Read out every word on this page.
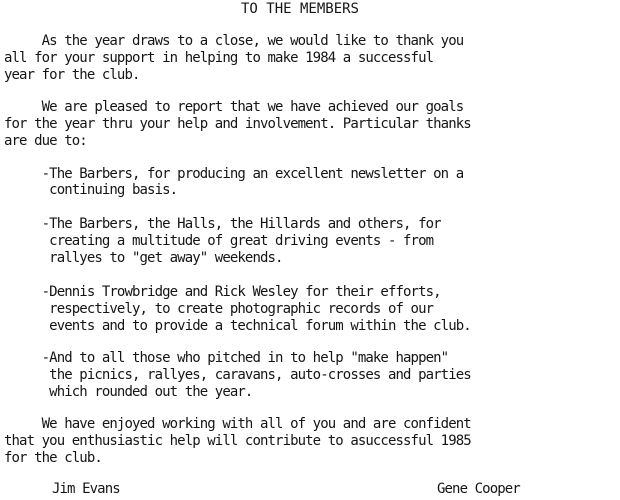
TO THE MEMBERS
As the year draws to a close, we would like to thank you
all for your support in helping to make 1984 a successful
year for the club.
We are pleased to report that we have achieved our goals
for the year thru your help and involvement. Particular thanks
are due to:
-The Barbers, for producing an excellent newsletter on a
continuing basis.
-The Barbers, the Halls, the Hillards and others, for
creating a multitude of great driving events - from
rallyes to "get away" weekends.
-Dennis Trowbridge and Rick Wesley for their efforts,
respectively, to create photographic records of our
events and to provide a technical forum within the club.
-And to all those who pitched in to help "make happen"
the picnics, rallyes, caravans, auto-crosses and parties
which rounded out the year.
We have enjoyed working with all of you and are confident
that you enthusiastic help will contribute to asuccessful 1985
for the club.
Jim Evans	Gene Cooper
